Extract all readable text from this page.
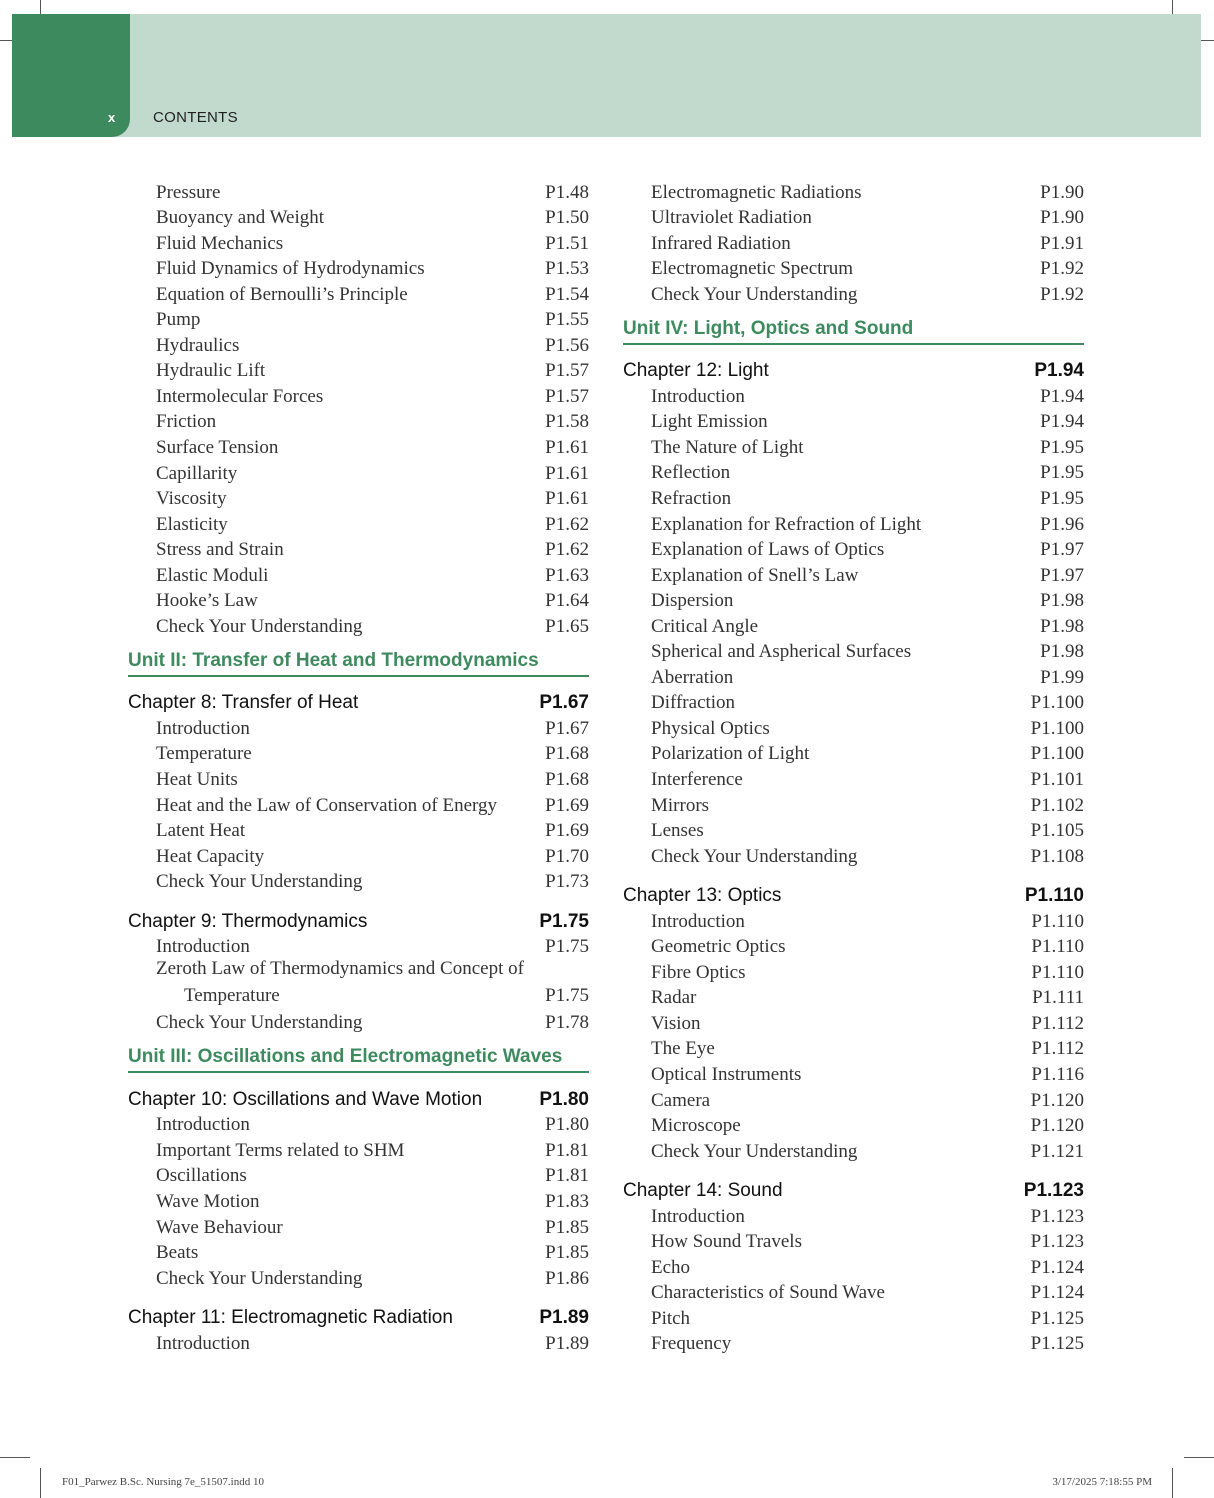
x	CONTENTS
Pressure	P1.48
Buoyancy and Weight	P1.50
Fluid Mechanics	P1.51
Fluid Dynamics of Hydrodynamics	P1.53
Equation of Bernoulli’s Principle	P1.54
Pump	P1.55
Hydraulics	P1.56
Hydraulic Lift	P1.57
Intermolecular Forces	P1.57
Friction	P1.58
Surface Tension	P1.61
Capillarity	P1.61
Viscosity	P1.61
Elasticity	P1.62
Stress and Strain	P1.62
Elastic Moduli	P1.63
Hooke’s Law	P1.64
Check Your Understanding	P1.65
Unit II: Transfer of Heat and Thermodynamics
Chapter 8: Transfer of Heat	P1.67
Introduction	P1.67
Temperature	P1.68
Heat Units	P1.68
Heat and the Law of Conservation of Energy	P1.69
Latent Heat	P1.69
Heat Capacity	P1.70
Check Your Understanding	P1.73
Chapter 9: Thermodynamics	P1.75
Introduction	P1.75
Zeroth Law of Thermodynamics and Concept of
Temperature	P1.75
Check Your Understanding	P1.78
Unit III: Oscillations and Electromagnetic Waves
Chapter 10: Oscillations and Wave Motion	P1.80
Introduction	P1.80
Important Terms related to SHM	P1.81
Oscillations	P1.81
Wave Motion	P1.83
Wave Behaviour	P1.85
Beats	P1.85
Check Your Understanding	P1.86
Chapter 11: Electromagnetic Radiation	P1.89
Introduction	P1.89
Electromagnetic Radiations	P1.90
Ultraviolet Radiation	P1.90
Infrared Radiation	P1.91
Electromagnetic Spectrum	P1.92
Check Your Understanding	P1.92
Unit IV: Light, Optics and Sound
Chapter 12: Light	P1.94
Introduction	P1.94
Light Emission	P1.94
The Nature of Light	P1.95
Reflection	P1.95
Refraction	P1.95
Explanation for Refraction of Light	P1.96
Explanation of Laws of Optics	P1.97
Explanation of Snell’s Law	P1.97
Dispersion	P1.98
Critical Angle	P1.98
Spherical and Aspherical Surfaces	P1.98
Aberration	P1.99
Diffraction	P1.100
Physical Optics	P1.100
Polarization of Light	P1.100
Interference	P1.101
Mirrors	P1.102
Lenses	P1.105
Check Your Understanding	P1.108
Chapter 13: Optics	P1.110
Introduction	P1.110
Geometric Optics	P1.110
Fibre Optics	P1.110
Radar	P1.111
Vision	P1.112
The Eye	P1.112
Optical Instruments	P1.116
Camera	P1.120
Microscope	P1.120
Check Your Understanding	P1.121
Chapter 14: Sound	P1.123
Introduction	P1.123
How Sound Travels	P1.123
Echo	P1.124
Characteristics of Sound Wave	P1.124
Pitch	P1.125
Frequency	P1.125
F01_Parwez B.Sc. Nursing 7e_51507.indd 10	3/17/2025 7:18:55 PM
